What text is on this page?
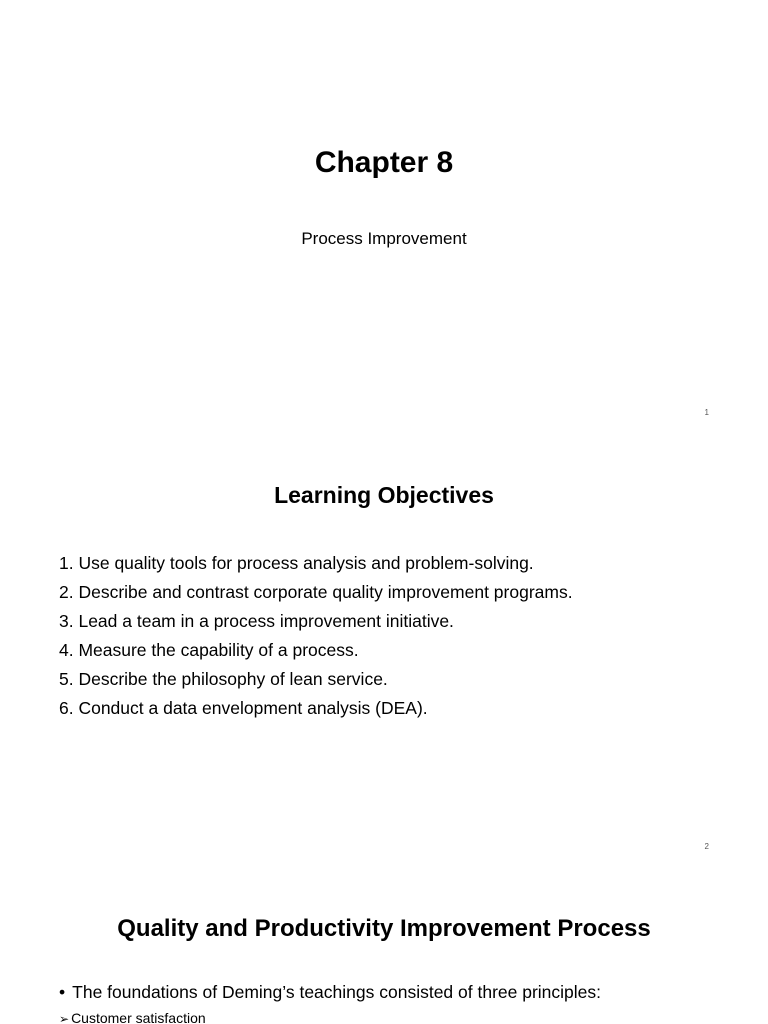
Chapter 8

Process Improvement

1
Learning Objectives
1. Use quality tools for process analysis and problem-solving.
2. Describe and contrast corporate quality improvement programs.
3. Lead a team in a process improvement initiative.
4. Measure the capability of a process.
5. Describe the philosophy of lean service.
6. Conduct a data envelopment analysis (DEA).
2
Quality and Productivity Improvement Process
• The foundations of Deming’s teachings consisted of three principles:
➢ Customer satisfaction
